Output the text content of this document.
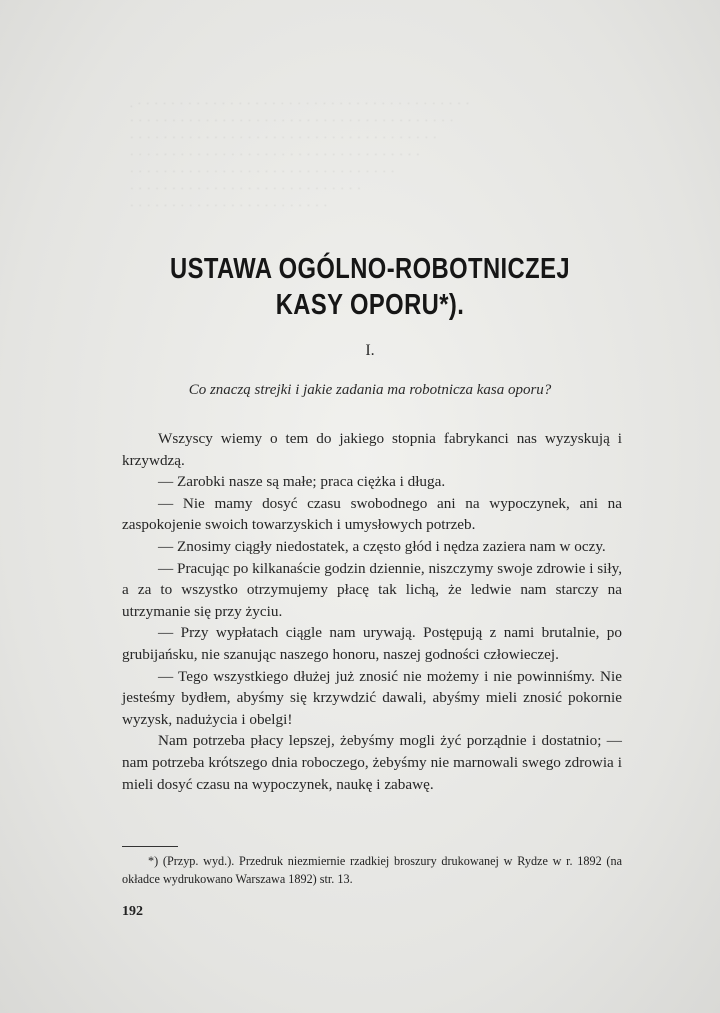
. · · · · · · · · · · · · · · · · · · · · · · · · · · · · · · · · · · · · · · · ·
· · · · · · · · · · · · · · · · · · · · · · · · · · · · · · · · · · · · · · ·
· · · · · · · · · · · · · · · · · · · · · · · · · · · · · · · · · · · · ·
· · · · · · · · · · · · · · · · · · · · · · · · · · · · · · · · · · ·
· · · · · · · · · · · · · · · · · · · · · · · · · · · · · · · ·
· · · · · · · · · · · · · · · · · · · · · · · · · · · ·
· · · · · · · · · · · · · · · · · · · · · · · ·
USTAWA OGÓLNO-ROBOTNICZEJ
KASY OPORU*).
I.
Co znaczą strejki i jakie zadania ma robotnicza kasa oporu?

Wszyscy wiemy o tem do jakiego stopnia fabrykanci nas wyzyskują i krzywdzą.

— Zarobki nasze są małe; praca ciężka i długa.

— Nie mamy dosyć czasu swobodnego ani na wypoczynek, ani na zaspokojenie swoich towarzyskich i umysłowych potrzeb.

— Znosimy ciągły niedostatek, a często głód i nędza zaziera nam w oczy.

— Pracując po kilkanaście godzin dziennie, niszczymy swoje zdrowie i siły, a za to wszystko otrzymujemy płacę tak lichą, że ledwie nam starczy na utrzymanie się przy życiu.

— Przy wypłatach ciągle nam urywają. Postępują z nami brutalnie, po grubijańsku, nie szanując naszego honoru, naszej godności człowieczej.

— Tego wszystkiego dłużej już znosić nie możemy i nie powinniśmy. Nie jesteśmy bydłem, abyśmy się krzywdzić dawali, abyśmy mieli znosić pokornie wyzysk, nadużycia i obelgi!

Nam potrzeba płacy lepszej, żebyśmy mogli żyć porządnie i dostatnio; — nam potrzeba krótszego dnia roboczego, żebyśmy nie marnowali swego zdrowia i mieli dosyć czasu na wypoczynek, naukę i zabawę.

*) (Przyp. wyd.). Przedruk niezmiernie rzadkiej broszury drukowanej w Rydze w r. 1892 (na okładce wydrukowano Warszawa 1892) str. 13.
192
